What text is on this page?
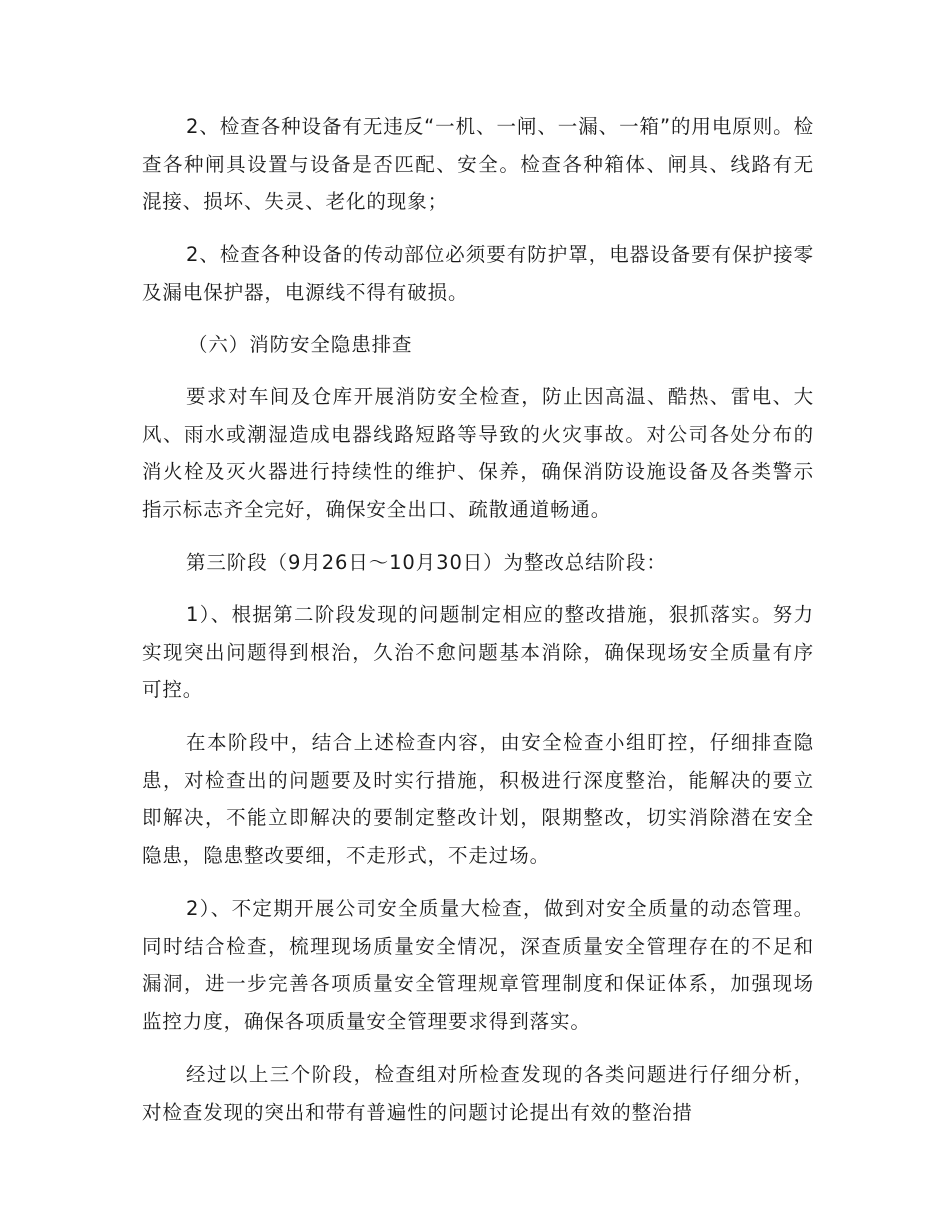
2、检查各种设备有无违反“一机、一闸、一漏、一箱”的用电原则。检查各种闸具设置与设备是否匹配、安全。检查各种箱体、闸具、线路有无混接、损坏、失灵、老化的现象；

2、检查各种设备的传动部位必须要有防护罩，电器设备要有保护接零及漏电保护器，电源线不得有破损。

（六）消防安全隐患排查

要求对车间及仓库开展消防安全检查，防止因高温、酷热、雷电、大风、雨水或潮湿造成电器线路短路等导致的火灾事故。对公司各处分布的消火栓及灭火器进行持续性的维护、保养，确保消防设施设备及各类警示指示标志齐全完好，确保安全出口、疏散通道畅通。

第三阶段（9月26日～10月30日）为整改总结阶段：

1）、根据第二阶段发现的问题制定相应的整改措施，狠抓落实。努力实现突出问题得到根治，久治不愈问题基本消除，确保现场安全质量有序可控。

在本阶段中，结合上述检查内容，由安全检查小组盯控，仔细排查隐患，对检查出的问题要及时实行措施，积极进行深度整治，能解决的要立即解决，不能立即解决的要制定整改计划，限期整改，切实消除潜在安全隐患，隐患整改要细，不走形式，不走过场。

2）、不定期开展公司安全质量大检查，做到对安全质量的动态管理。同时结合检查，梳理现场质量安全情况，深查质量安全管理存在的不足和漏洞，进一步完善各项质量安全管理规章管理制度和保证体系，加强现场监控力度，确保各项质量安全管理要求得到落实。

经过以上三个阶段，检查组对所检查发现的各类问题进行仔细分析，对检查发现的突出和带有普遍性的问题讨论提出有效的整治措
